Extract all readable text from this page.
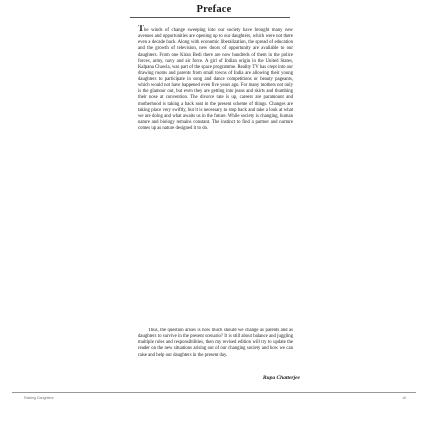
Preface

The winds of change sweeping into our society have brought many new avenues and opportunities are opening up to our daughters, which were not there even a decade back. Along with economic liberalization, the spread of education and the growth of television, new doors of opportunity are available to our daughters. From one Kiran Bedi there are now hundreds of them in the police forces, army, navy and air force. A girl of Indian origin in the United States, Kalpana Chawla, was part of the space programme. Reality TV has crept into our drawing rooms and parents from small towns of India are allowing their young daughters to participate in song and dance competitions or beauty pageants, which would not have happened even five years ago. For many mothers not only is the glamour out, but even they are getting into jeans and skirts and thumbing their nose at convention. The divorce rate is up, careers are paramount and motherhood is taking a back seat in the present scheme of things. Changes are taking place very swiftly, but it is necessary to stop back and take a look at what we are doing and what awaits us in the future. While society is changing, human nature and biology remains constant. The instinct to find a partner and nurture comes up as nature designed it to do.

Thus, the question arises is how much should we change as parents and as daughters to survive in the present scenario? It is still about balance and juggling multiple roles and responsibilities, then my revised edition will try to update the reader on the new situations arising out of our changing society and how we can raise and help our daughters in the present day.

Rupa Chatterjee
Raising Daughters	vii
